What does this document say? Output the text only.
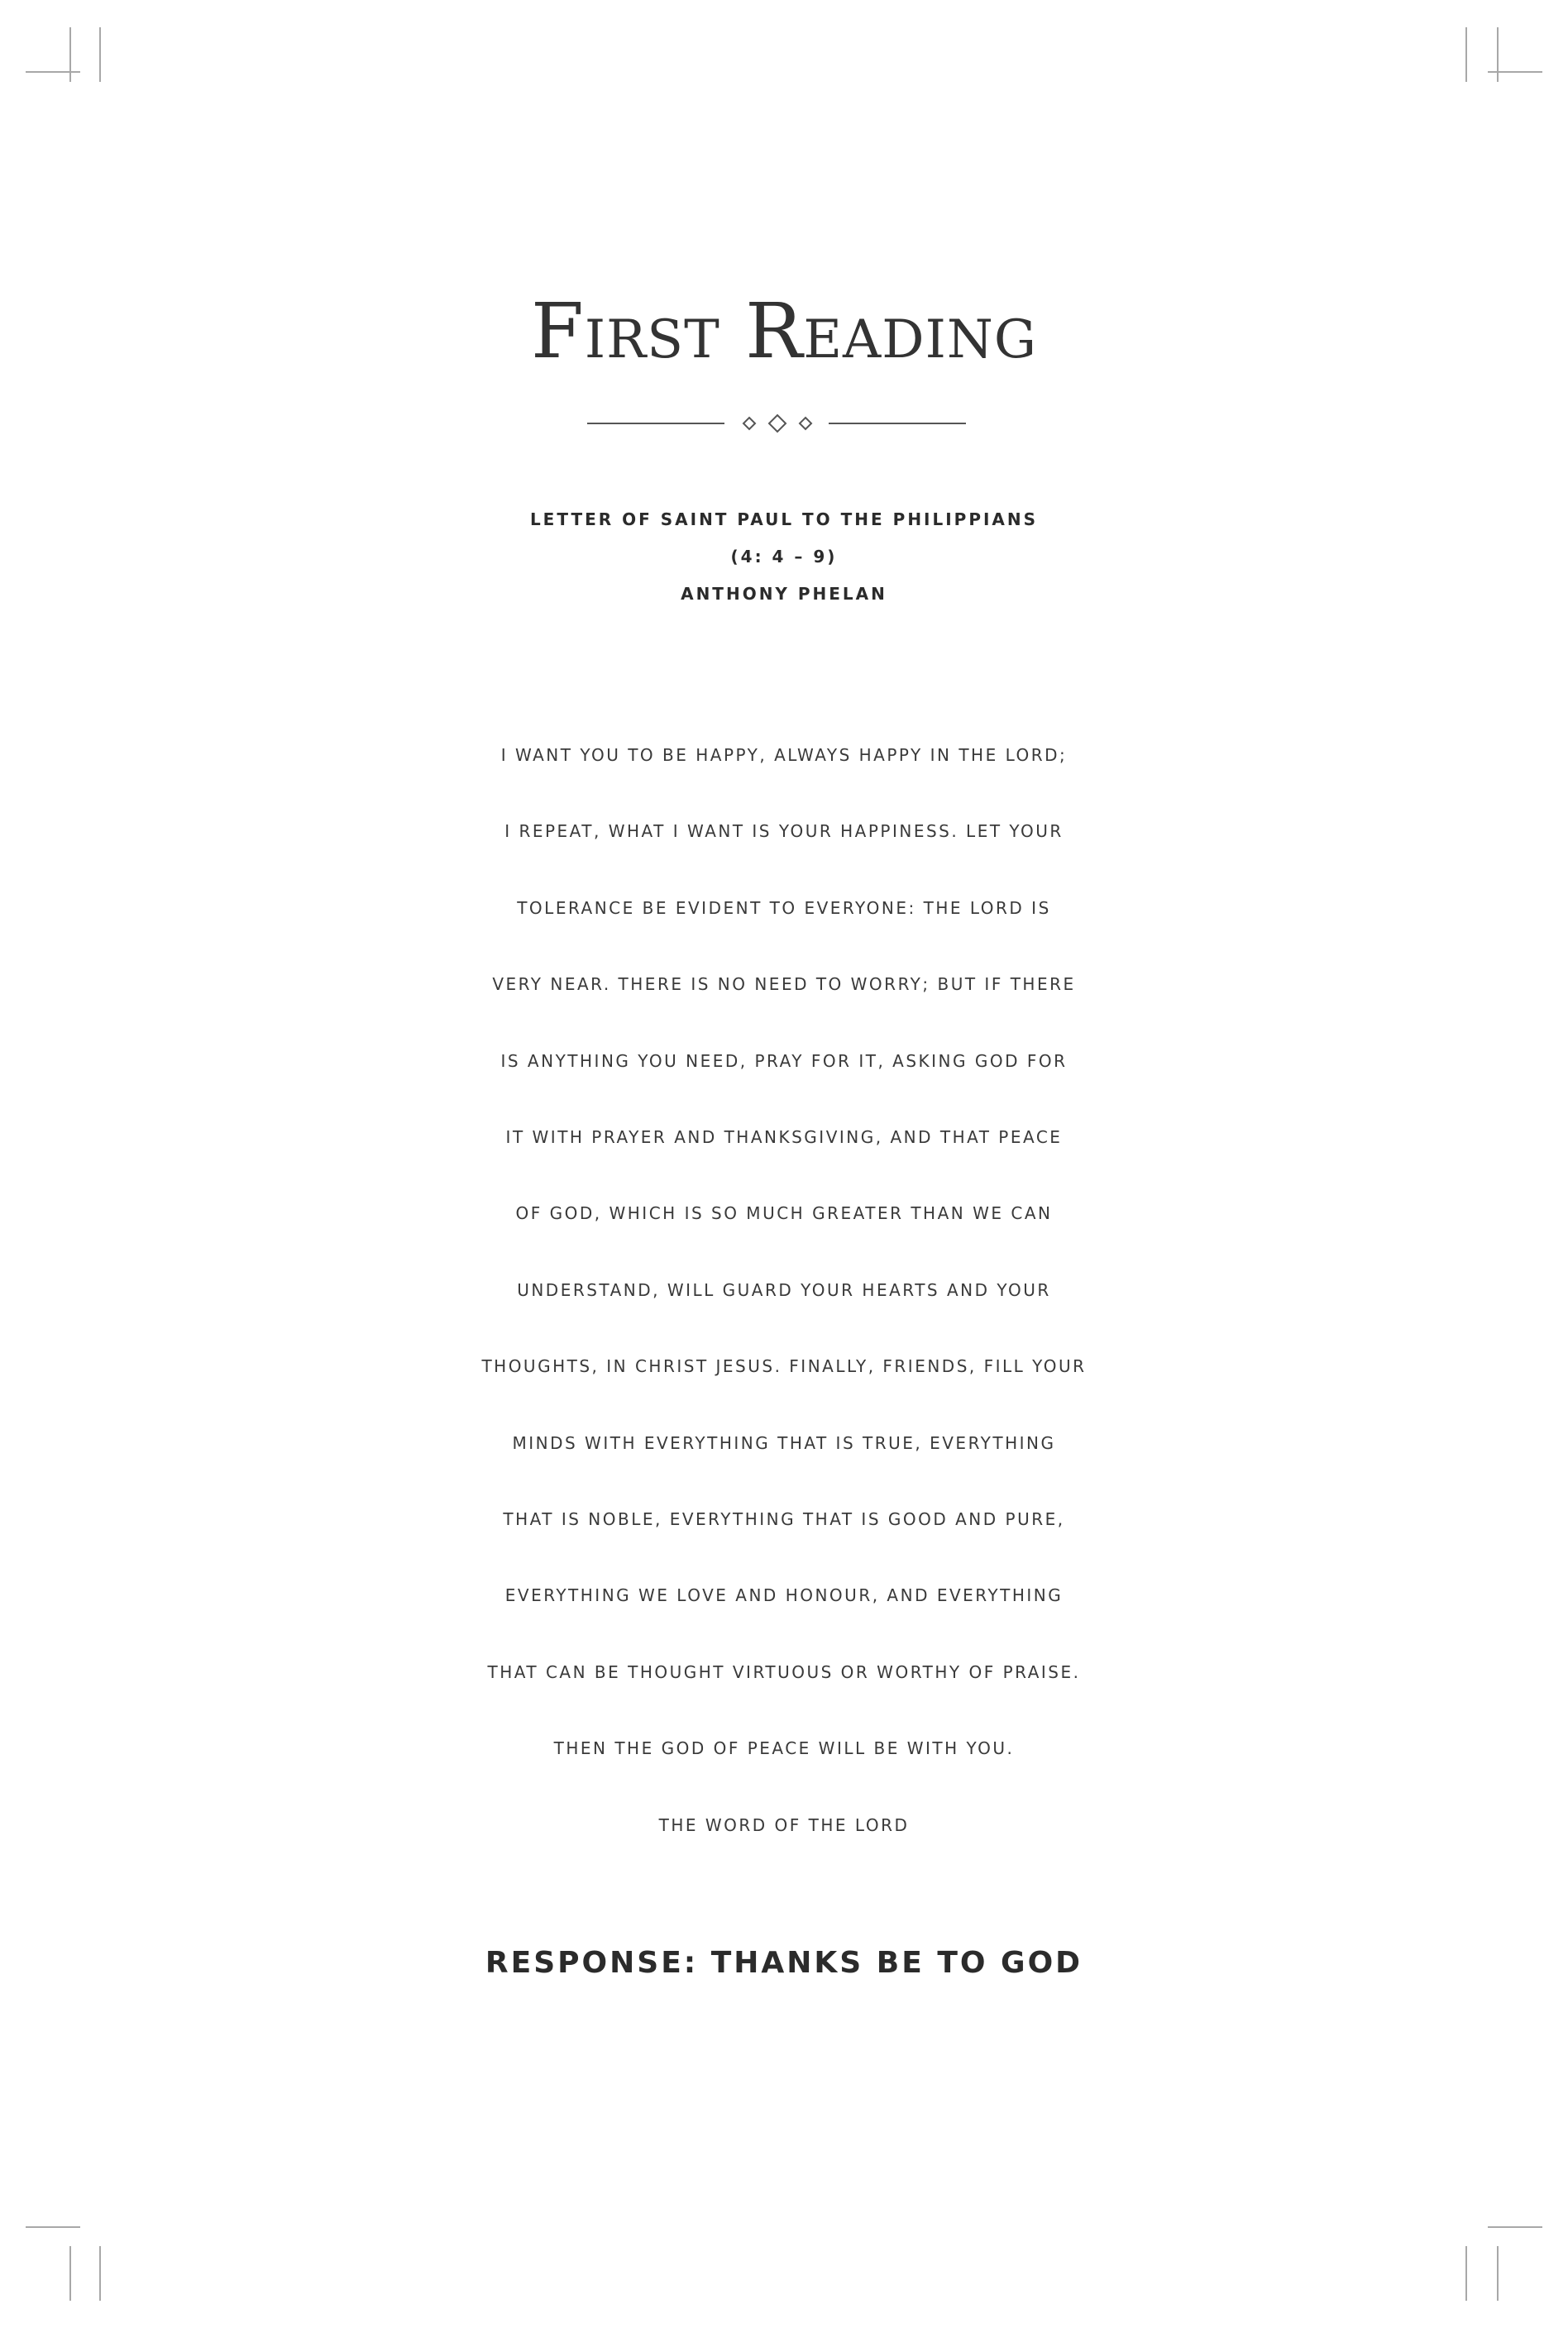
First Reading
LETTER OF SAINT PAUL TO THE PHILIPPIANS
(4: 4 – 9)
ANTHONY PHELAN
I WANT YOU TO BE HAPPY, ALWAYS HAPPY IN THE LORD;
I REPEAT, WHAT I WANT IS YOUR HAPPINESS. LET YOUR
TOLERANCE BE EVIDENT TO EVERYONE: THE LORD IS
VERY NEAR. THERE IS NO NEED TO WORRY; BUT IF THERE
IS ANYTHING YOU NEED, PRAY FOR IT, ASKING GOD FOR
IT WITH PRAYER AND THANKSGIVING, AND THAT PEACE
OF GOD, WHICH IS SO MUCH GREATER THAN WE CAN
UNDERSTAND, WILL GUARD YOUR HEARTS AND YOUR
THOUGHTS, IN CHRIST JESUS. FINALLY, FRIENDS, FILL YOUR
MINDS WITH EVERYTHING THAT IS TRUE, EVERYTHING
THAT IS NOBLE, EVERYTHING THAT IS GOOD AND PURE,
EVERYTHING WE LOVE AND HONOUR, AND EVERYTHING
THAT CAN BE THOUGHT VIRTUOUS OR WORTHY OF PRAISE.
THEN THE GOD OF PEACE WILL BE WITH YOU.
THE WORD OF THE LORD
RESPONSE: THANKS BE TO GOD
